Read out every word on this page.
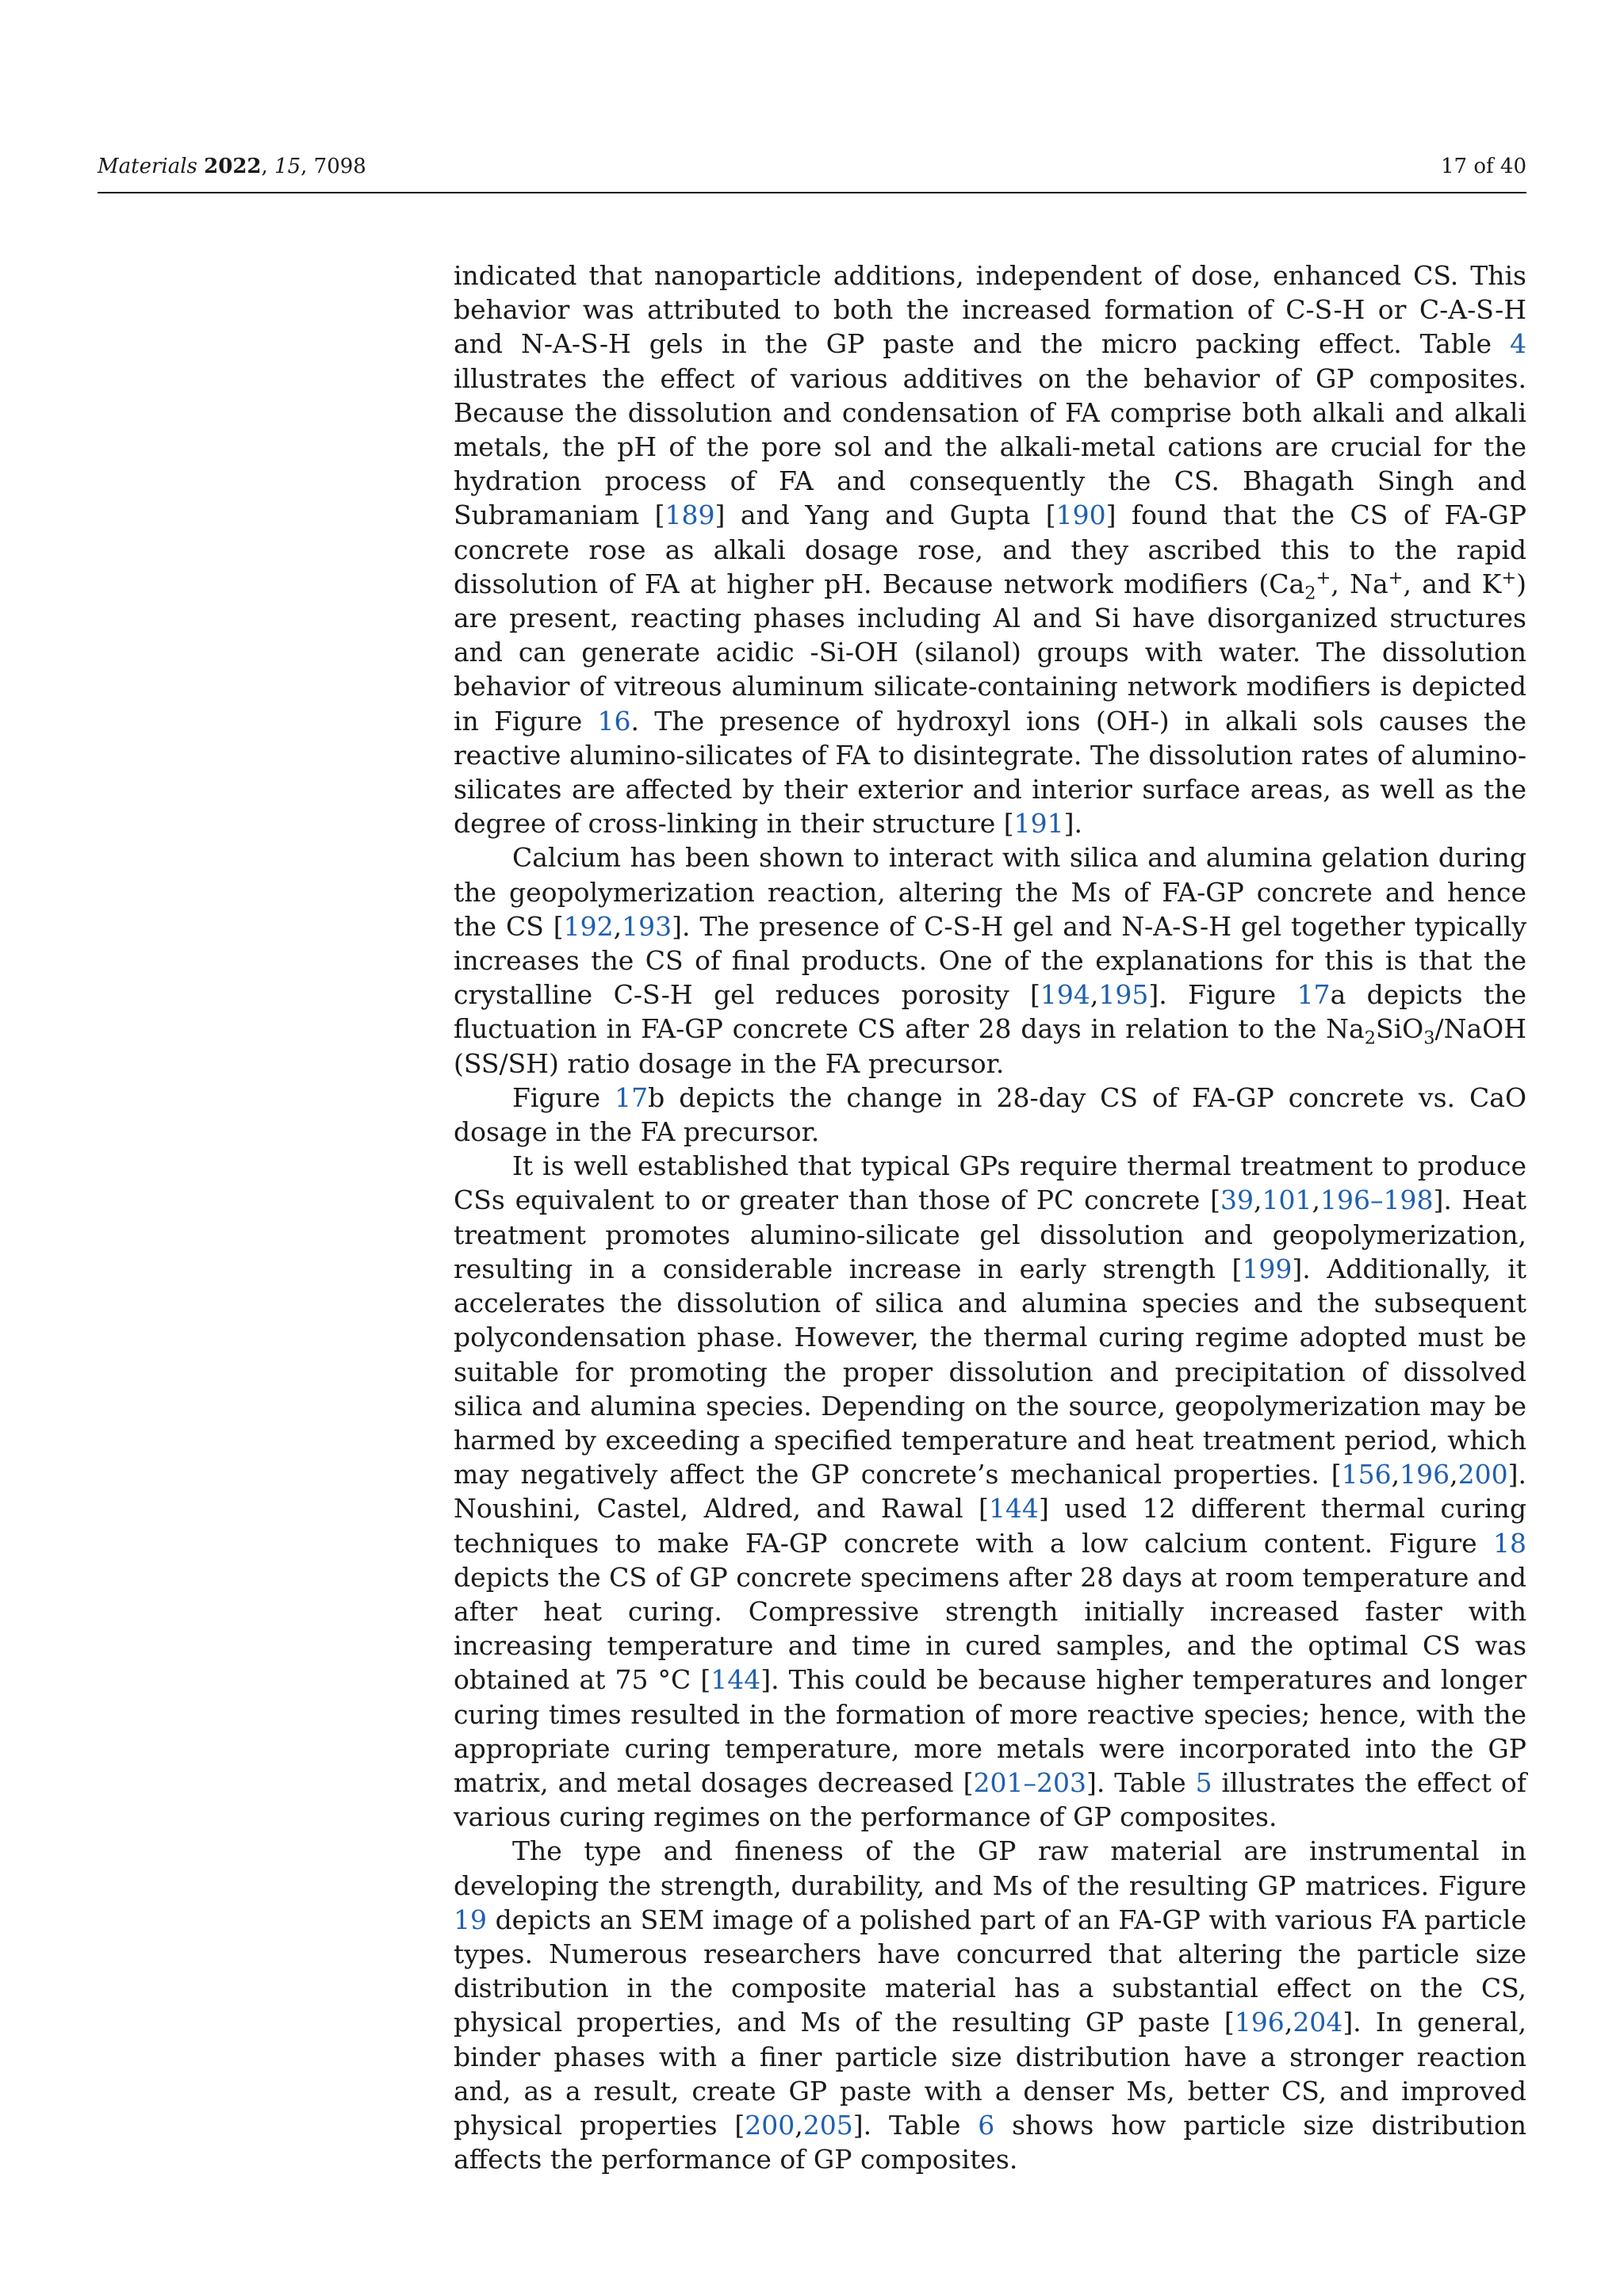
Materials 2022, 15, 7098	17 of 40

indicated that nanoparticle additions, independent of dose, enhanced CS. This behavior was attributed to both the increased formation of C-S-H or C-A-S-H and N-A-S-H gels in the GP paste and the micro packing effect. Table 4 illustrates the effect of various additives on the behavior of GP composites. Because the dissolution and condensation of FA comprise both alkali and alkali metals, the pH of the pore sol and the alkali-metal cations are crucial for the hydration process of FA and consequently the CS. Bhagath Singh and Subramaniam [189] and Yang and Gupta [190] found that the CS of FA-GP concrete rose as alkali dosage rose, and they ascribed this to the rapid dissolution of FA at higher pH. Because network modifiers ($Ca_2^+$, Na+, and K+) are present, reacting phases including Al and Si have disorganized structures and can generate acidic -Si-OH (silanol) groups with water. The dissolution behavior of vitreous aluminum silicate-containing network modifiers is depicted in Figure 16. The presence of hydroxyl ions (OH-) in alkali sols causes the reactive alumino-silicates of FA to disintegrate. The dissolution rates of alumino-silicates are affected by their exterior and interior surface areas, as well as the degree of cross-linking in their structure [191].

Calcium has been shown to interact with silica and alumina gelation during the geopolymerization reaction, altering the Ms of FA-GP concrete and hence the CS [192,193]. The presence of C-S-H gel and N-A-S-H gel together typically increases the CS of final products. One of the explanations for this is that the crystalline C-S-H gel reduces porosity [194,195]. Figure 17a depicts the fluctuation in FA-GP concrete CS after 28 days in relation to the $Na_2SiO_3$/NaOH (SS/SH) ratio dosage in the FA precursor.

Figure 17b depicts the change in 28-day CS of FA-GP concrete vs. CaO dosage in the FA precursor.

It is well established that typical GPs require thermal treatment to produce CSs equivalent to or greater than those of PC concrete [39,101,196–198]. Heat treatment promotes alumino-silicate gel dissolution and geopolymerization, resulting in a considerable increase in early strength [199]. Additionally, it accelerates the dissolution of silica and alumina species and the subsequent polycondensation phase. However, the thermal curing regime adopted must be suitable for promoting the proper dissolution and precipitation of dissolved silica and alumina species. Depending on the source, geopolymerization may be harmed by exceeding a specified temperature and heat treatment period, which may negatively affect the GP concrete’s mechanical properties. [156,196,200]. Noushini, Castel, Aldred, and Rawal [144] used 12 different thermal curing techniques to make FA-GP concrete with a low calcium content. Figure 18 depicts the CS of GP concrete specimens after 28 days at room temperature and after heat curing. Compressive strength initially increased faster with increasing temperature and time in cured samples, and the optimal CS was obtained at 75 °C [144]. This could be because higher temperatures and longer curing times resulted in the formation of more reactive species; hence, with the appropriate curing temperature, more metals were incorporated into the GP matrix, and metal dosages decreased [201–203]. Table 5 illustrates the effect of various curing regimes on the performance of GP composites.

The type and fineness of the GP raw material are instrumental in developing the strength, durability, and Ms of the resulting GP matrices. Figure 19 depicts an SEM image of a polished part of an FA-GP with various FA particle types. Numerous researchers have concurred that altering the particle size distribution in the composite material has a substantial effect on the CS, physical properties, and Ms of the resulting GP paste [196,204]. In general, binder phases with a finer particle size distribution have a stronger reaction and, as a result, create GP paste with a denser Ms, better CS, and improved physical properties [200,205]. Table 6 shows how particle size distribution affects the performance of GP composites.
